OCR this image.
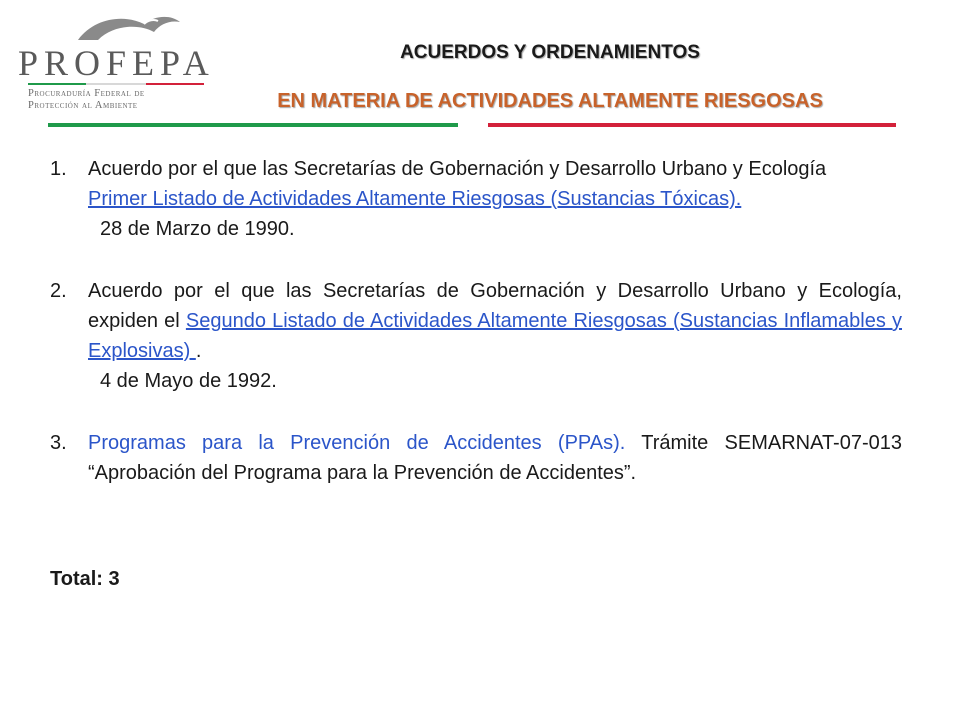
PROFEPA
Procuraduría Federal de
Protección al Ambiente
ACUERDOS Y ORDENAMIENTOS
EN MATERIA DE ACTIVIDADES ALTAMENTE RIESGOSAS
1. Acuerdo por el que las Secretarías de Gobernación y Desarrollo Urbano y Ecología
Primer Listado de Actividades Altamente Riesgosas (Sustancias Tóxicas).
28 de Marzo de 1990.
2. Acuerdo por el que las Secretarías de Gobernación y Desarrollo Urbano y Ecología, expiden el Segundo Listado de Actividades Altamente Riesgosas (Sustancias Inflamables y Explosivas) .
4 de Mayo de 1992.
3. Programas para la Prevención de Accidentes (PPAs). Trámite SEMARNAT-07-013 “Aprobación del Programa para la Prevención de Accidentes”.
Total: 3
